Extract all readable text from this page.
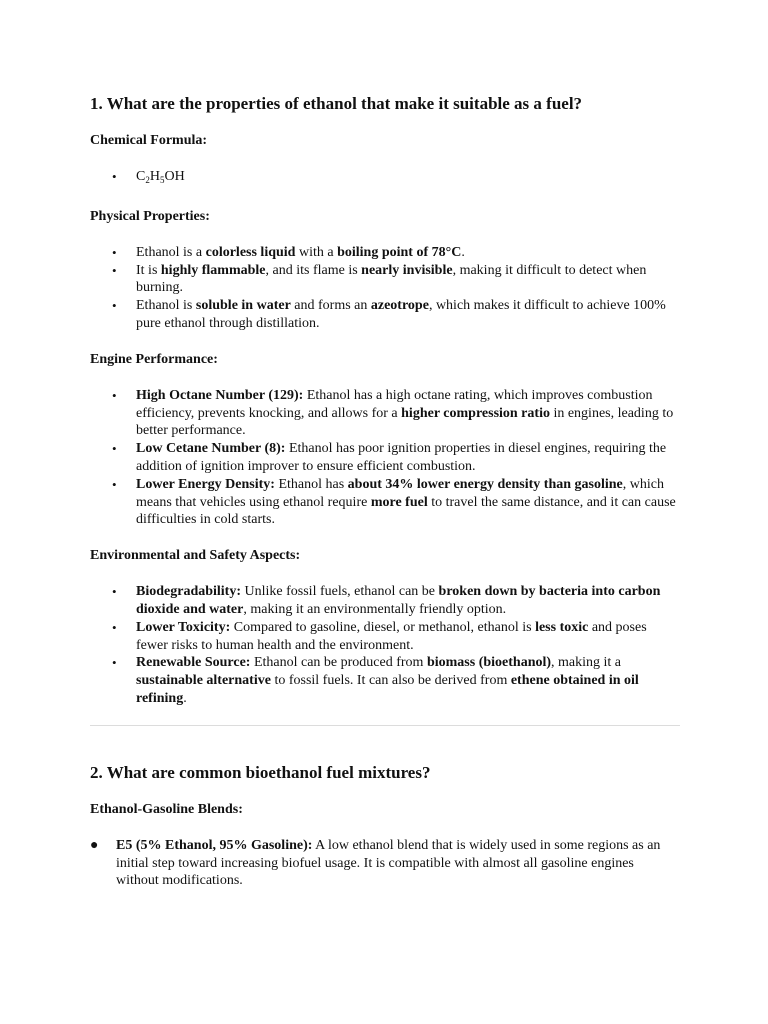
1. What are the properties of ethanol that make it suitable as a fuel?

Chemical Formula:

• $C_2H_5OH$

Physical Properties:

• Ethanol is a colorless liquid with a boiling point of 78°C.
• It is highly flammable, and its flame is nearly invisible, making it difficult to detect when burning.
• Ethanol is soluble in water and forms an azeotrope, which makes it difficult to achieve 100% pure ethanol through distillation.

Engine Performance:

• High Octane Number (129): Ethanol has a high octane rating, which improves combustion efficiency, prevents knocking, and allows for a higher compression ratio in engines, leading to better performance.
• Low Cetane Number (8): Ethanol has poor ignition properties in diesel engines, requiring the addition of ignition improver to ensure efficient combustion.
• Lower Energy Density: Ethanol has about 34% lower energy density than gasoline, which means that vehicles using ethanol require more fuel to travel the same distance, and it can cause difficulties in cold starts.

Environmental and Safety Aspects:

• Biodegradability: Unlike fossil fuels, ethanol can be broken down by bacteria into carbon dioxide and water, making it an environmentally friendly option.
• Lower Toxicity: Compared to gasoline, diesel, or methanol, ethanol is less toxic and poses fewer risks to human health and the environment.
• Renewable Source: Ethanol can be produced from biomass (bioethanol), making it a sustainable alternative to fossil fuels. It can also be derived from ethene obtained in oil refining.
2. What are common bioethanol fuel mixtures?

Ethanol-Gasoline Blends:

● E5 (5% Ethanol, 95% Gasoline): A low ethanol blend that is widely used in some regions as an initial step toward increasing biofuel usage. It is compatible with almost all gasoline engines without modifications.
